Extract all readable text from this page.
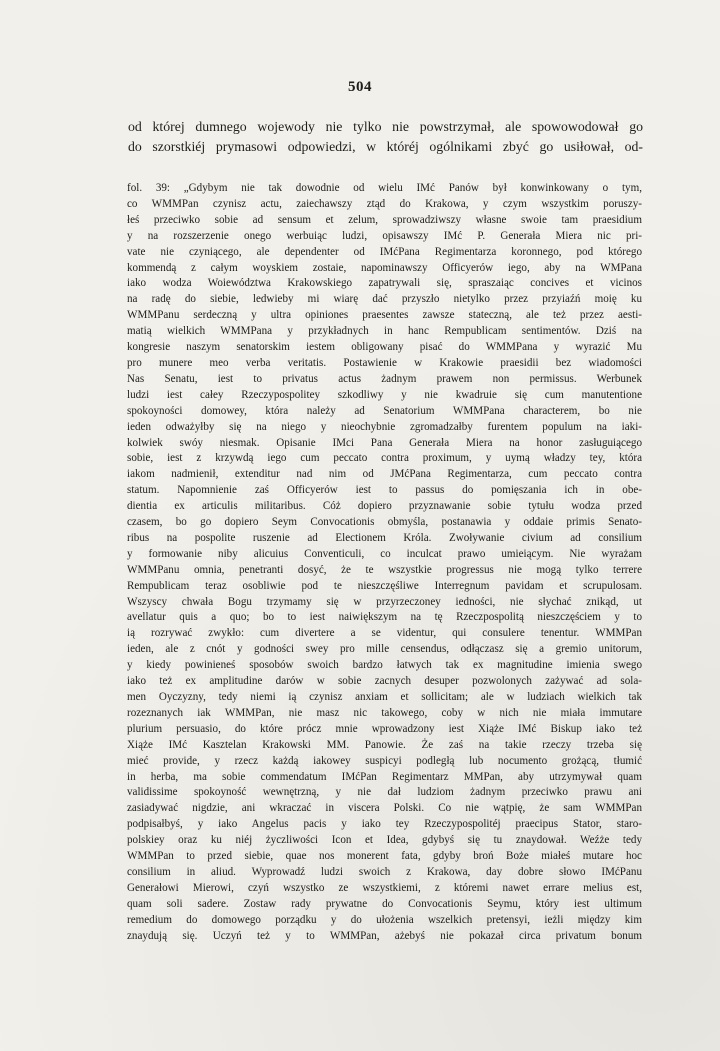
504
od której dumnego wojewody nie tylko nie powstrzymał, ale spowowodował go
do szorstkiéj prymasowi odpowiedzi, w któréj ogólnikami zbyć go usiłował, od-
fol. 39: „Gdybym nie tak dowodnie od wielu IMć Panów był konwinkowany o tym,
co WMMPan czynisz actu, zaiechawszy ztąd do Krakowa, y czym wszystkim poruszy-
łeś przeciwko sobie ad sensum et zelum, sprowadziwszy własne swoie tam praesidium
y na rozszerzenie onego werbuiąc ludzi, opisawszy IMć P. Generała Miera nic pri-
vate nie czyniącego, ale dependenter od IMćPana Regimentarza koronnego, pod którego
kommendą z całym woyskiem zostaie, napominawszy Officyerów iego, aby na WMPana
iako wodza Woiewództwa Krakowskiego zapatrywali się, spraszaiąc concives et vicinos
na radę do siebie, ledwieby mi wiarę dać przyszło nietylko przez przyiaźń moię ku
WMMPanu serdeczną y ultra opiniones praesentes zawsze stateczną, ale też przez aesti-
matią wielkich WMMPana y przykładnych in hanc Rempublicam sentimentów. Dziś na
kongresie naszym senatorskim iestem obligowany pisać do WMMPana y wyrazić Mu
pro munere meo verba veritatis. Postawienie w Krakowie praesidii bez wiadomości
Nas Senatu, iest to privatus actus żadnym prawem non permissus. Werbunek
ludzi iest całey Rzeczypospolitey szkodliwy y nie kwadruie się cum manutentione
spokoyności domowey, która należy ad Senatorium WMMPana characterem, bo nie
ieden odważyłby się na niego y nieochybnie zgromadzałby furentem populum na iaki-
kolwiek swóy niesmak. Opisanie IMci Pana Generała Miera na honor zasługuiącego
sobie, iest z krzywdą iego cum peccato contra proximum, y uymą władzy tey, która
iakom nadmienił, extenditur nad nim od JMćPana Regimentarza, cum peccato contra
statum. Napomnienie zaś Officyerów iest to passus do pomięszania ich in obe-
dientia ex articulis militaribus. Cóż dopiero przyznawanie sobie tytułu wodza przed
czasem, bo go dopiero Seym Convocationis obmyśla, postanawia y oddaie primis Senato-
ribus na pospolite ruszenie ad Electionem Króla. Zwoływanie civium ad consilium
y formowanie niby alicuius Conventiculi, co inculcat prawo umieiącym. Nie wyrażam
WMMPanu omnia, penetranti dosyć, że te wszystkie progressus nie mogą tylko terrere
Rempublicam teraz osobliwie pod te nieszczęśliwe Interregnum pavidam et scrupulosam.
Wszyscy chwała Bogu trzymamy się w przyrzeczoney iedności, nie słychać znikąd, ut
avellatur quis a quo; bo to iest naiwiększym na tę Rzeczpospolitą nieszczęściem y to
ią rozrywać zwykło: cum divertere a se videntur, qui consulere tenentur. WMMPan
ieden, ale z cnót y godności swey pro mille censendus, odłączasz się a gremio unitorum,
y kiedy powinieneś sposobów swoich bardzo łatwych tak ex magnitudine imienia swego
iako też ex amplitudine darów w sobie zacnych desuper pozwolonych zażywać ad sola-
men Oyczyzny, tedy niemi ią czynisz anxiam et sollicitam; ale w ludziach wielkich tak
rozeznanych iak WMMPan, nie masz nic takowego, coby w nich nie miała immutare
plurium persuasio, do które prócz mnie wprowadzony iest Xiąże IMć Biskup iako też
Xiąże IMć Kasztelan Krakowski MM. Panowie. Że zaś na takie rzeczy trzeba się
mieć provide, y rzecz każdą iakowey suspicyi podległą lub nocumento grożącą, tłumić
in herba, ma sobie commendatum IMćPan Regimentarz MMPan, aby utrzymywał quam
validissime spokoyność wewnętrzną, y nie dał ludziom żadnym przeciwko prawu ani
zasiadywać nigdzie, ani wkraczać in viscera Polski. Co nie wątpię, że sam WMMPan
podpisałbyś, y iako Angelus pacis y iako tey Rzeczypospolitéj praecipus Stator, staro-
polskiey oraz ku niéj życzliwości Icon et Idea, gdybyś się tu znaydował. Weźże tedy
WMMPan to przed siebie, quae nos monerent fata, gdyby broń Boże miałeś mutare hoc
consilium in aliud. Wyprowadź ludzi swoich z Krakowa, day dobre słowo IMćPanu
Generałowi Mierowi, czyń wszystko ze wszystkiemi, z któremi nawet errare melius est,
quam soli sadere. Zostaw rady prywatne do Convocationis Seymu, który iest ultimum
remedium do domowego porządku y do ułożenia wszelkich pretensyi, ieżli między kim
znaydują się. Uczyń też y to WMMPan, ażebyś nie pokazał circa privatum bonum
